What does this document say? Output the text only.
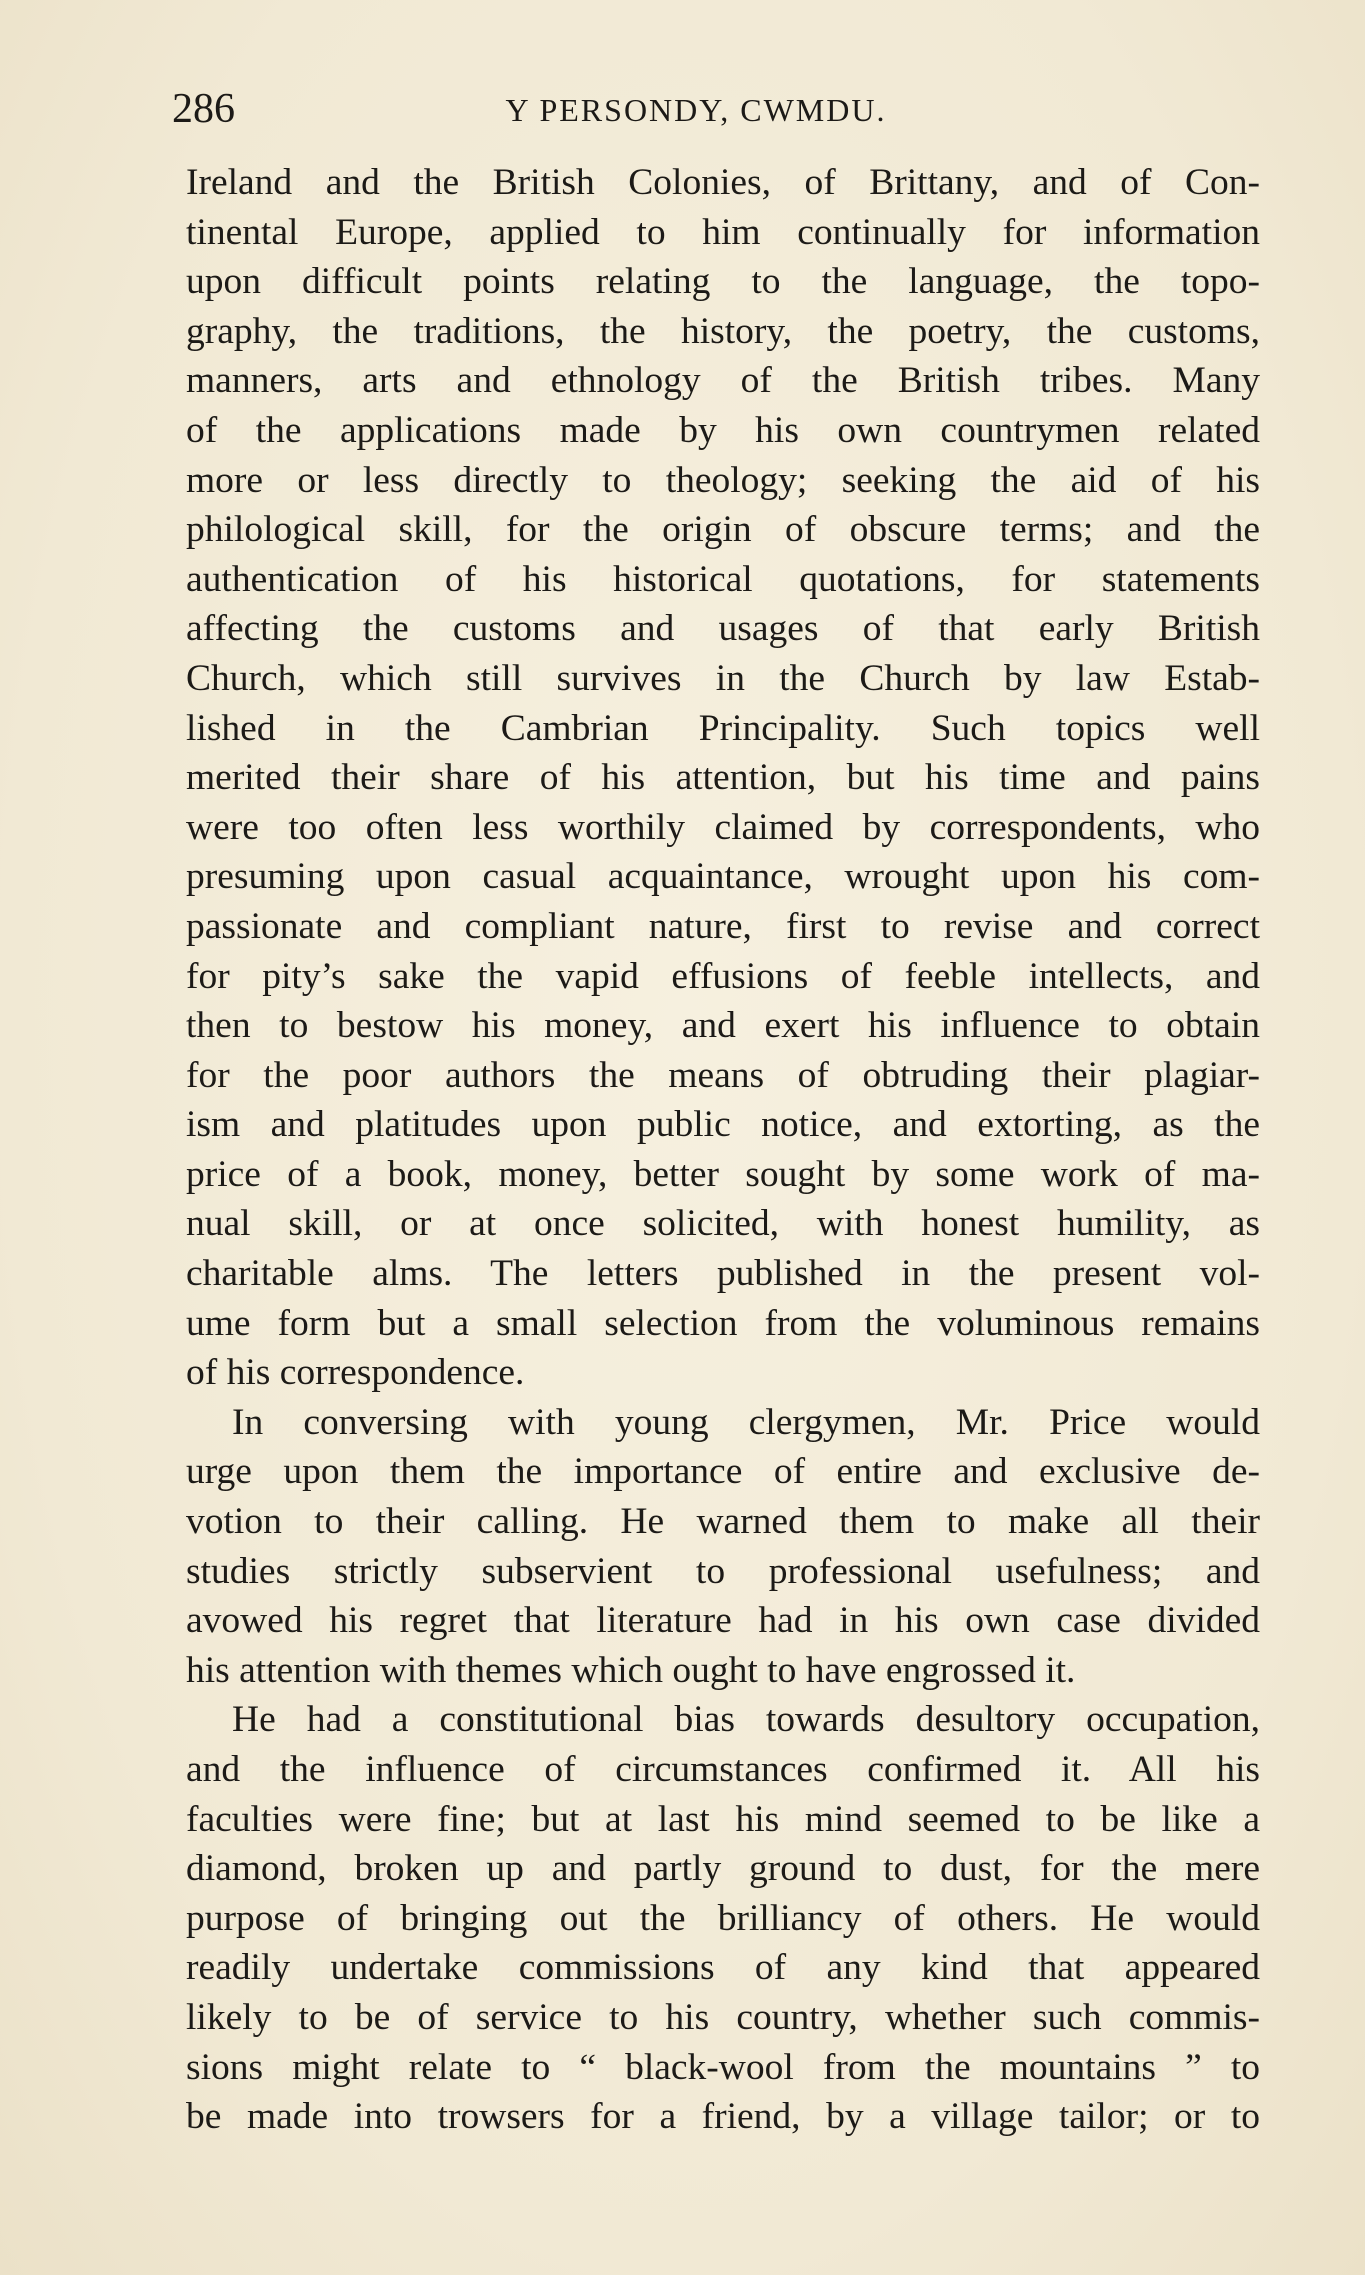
286	Y PERSONDY, CWMDU.
Ireland and the British Colonies, of Brittany, and of Con-
tinental Europe, applied to him continually for information
upon difficult points relating to the language, the topo-
graphy, the traditions, the history, the poetry, the customs,
manners, arts and ethnology of the British tribes. Many
of the applications made by his own countrymen related
more or less directly to theology; seeking the aid of his
philological skill, for the origin of obscure terms; and the
authentication of his historical quotations, for statements
affecting the customs and usages of that early British
Church, which still survives in the Church by law Estab-
lished in the Cambrian Principality. Such topics well
merited their share of his attention, but his time and pains
were too often less worthily claimed by correspondents, who
presuming upon casual acquaintance, wrought upon his com-
passionate and compliant nature, first to revise and correct
for pity’s sake the vapid effusions of feeble intellects, and
then to bestow his money, and exert his influence to obtain
for the poor authors the means of obtruding their plagiar-
ism and platitudes upon public notice, and extorting, as the
price of a book, money, better sought by some work of ma-
nual skill, or at once solicited, with honest humility, as
charitable alms. The letters published in the present vol-
ume form but a small selection from the voluminous remains
of his correspondence.
In conversing with young clergymen, Mr. Price would
urge upon them the importance of entire and exclusive de-
votion to their calling. He warned them to make all their
studies strictly subservient to professional usefulness; and
avowed his regret that literature had in his own case divided
his attention with themes which ought to have engrossed it.
He had a constitutional bias towards desultory occupation,
and the influence of circumstances confirmed it. All his
faculties were fine; but at last his mind seemed to be like a
diamond, broken up and partly ground to dust, for the mere
purpose of bringing out the brilliancy of others. He would
readily undertake commissions of any kind that appeared
likely to be of service to his country, whether such commis-
sions might relate to “ black-wool from the mountains ” to
be made into trowsers for a friend, by a village tailor; or to
